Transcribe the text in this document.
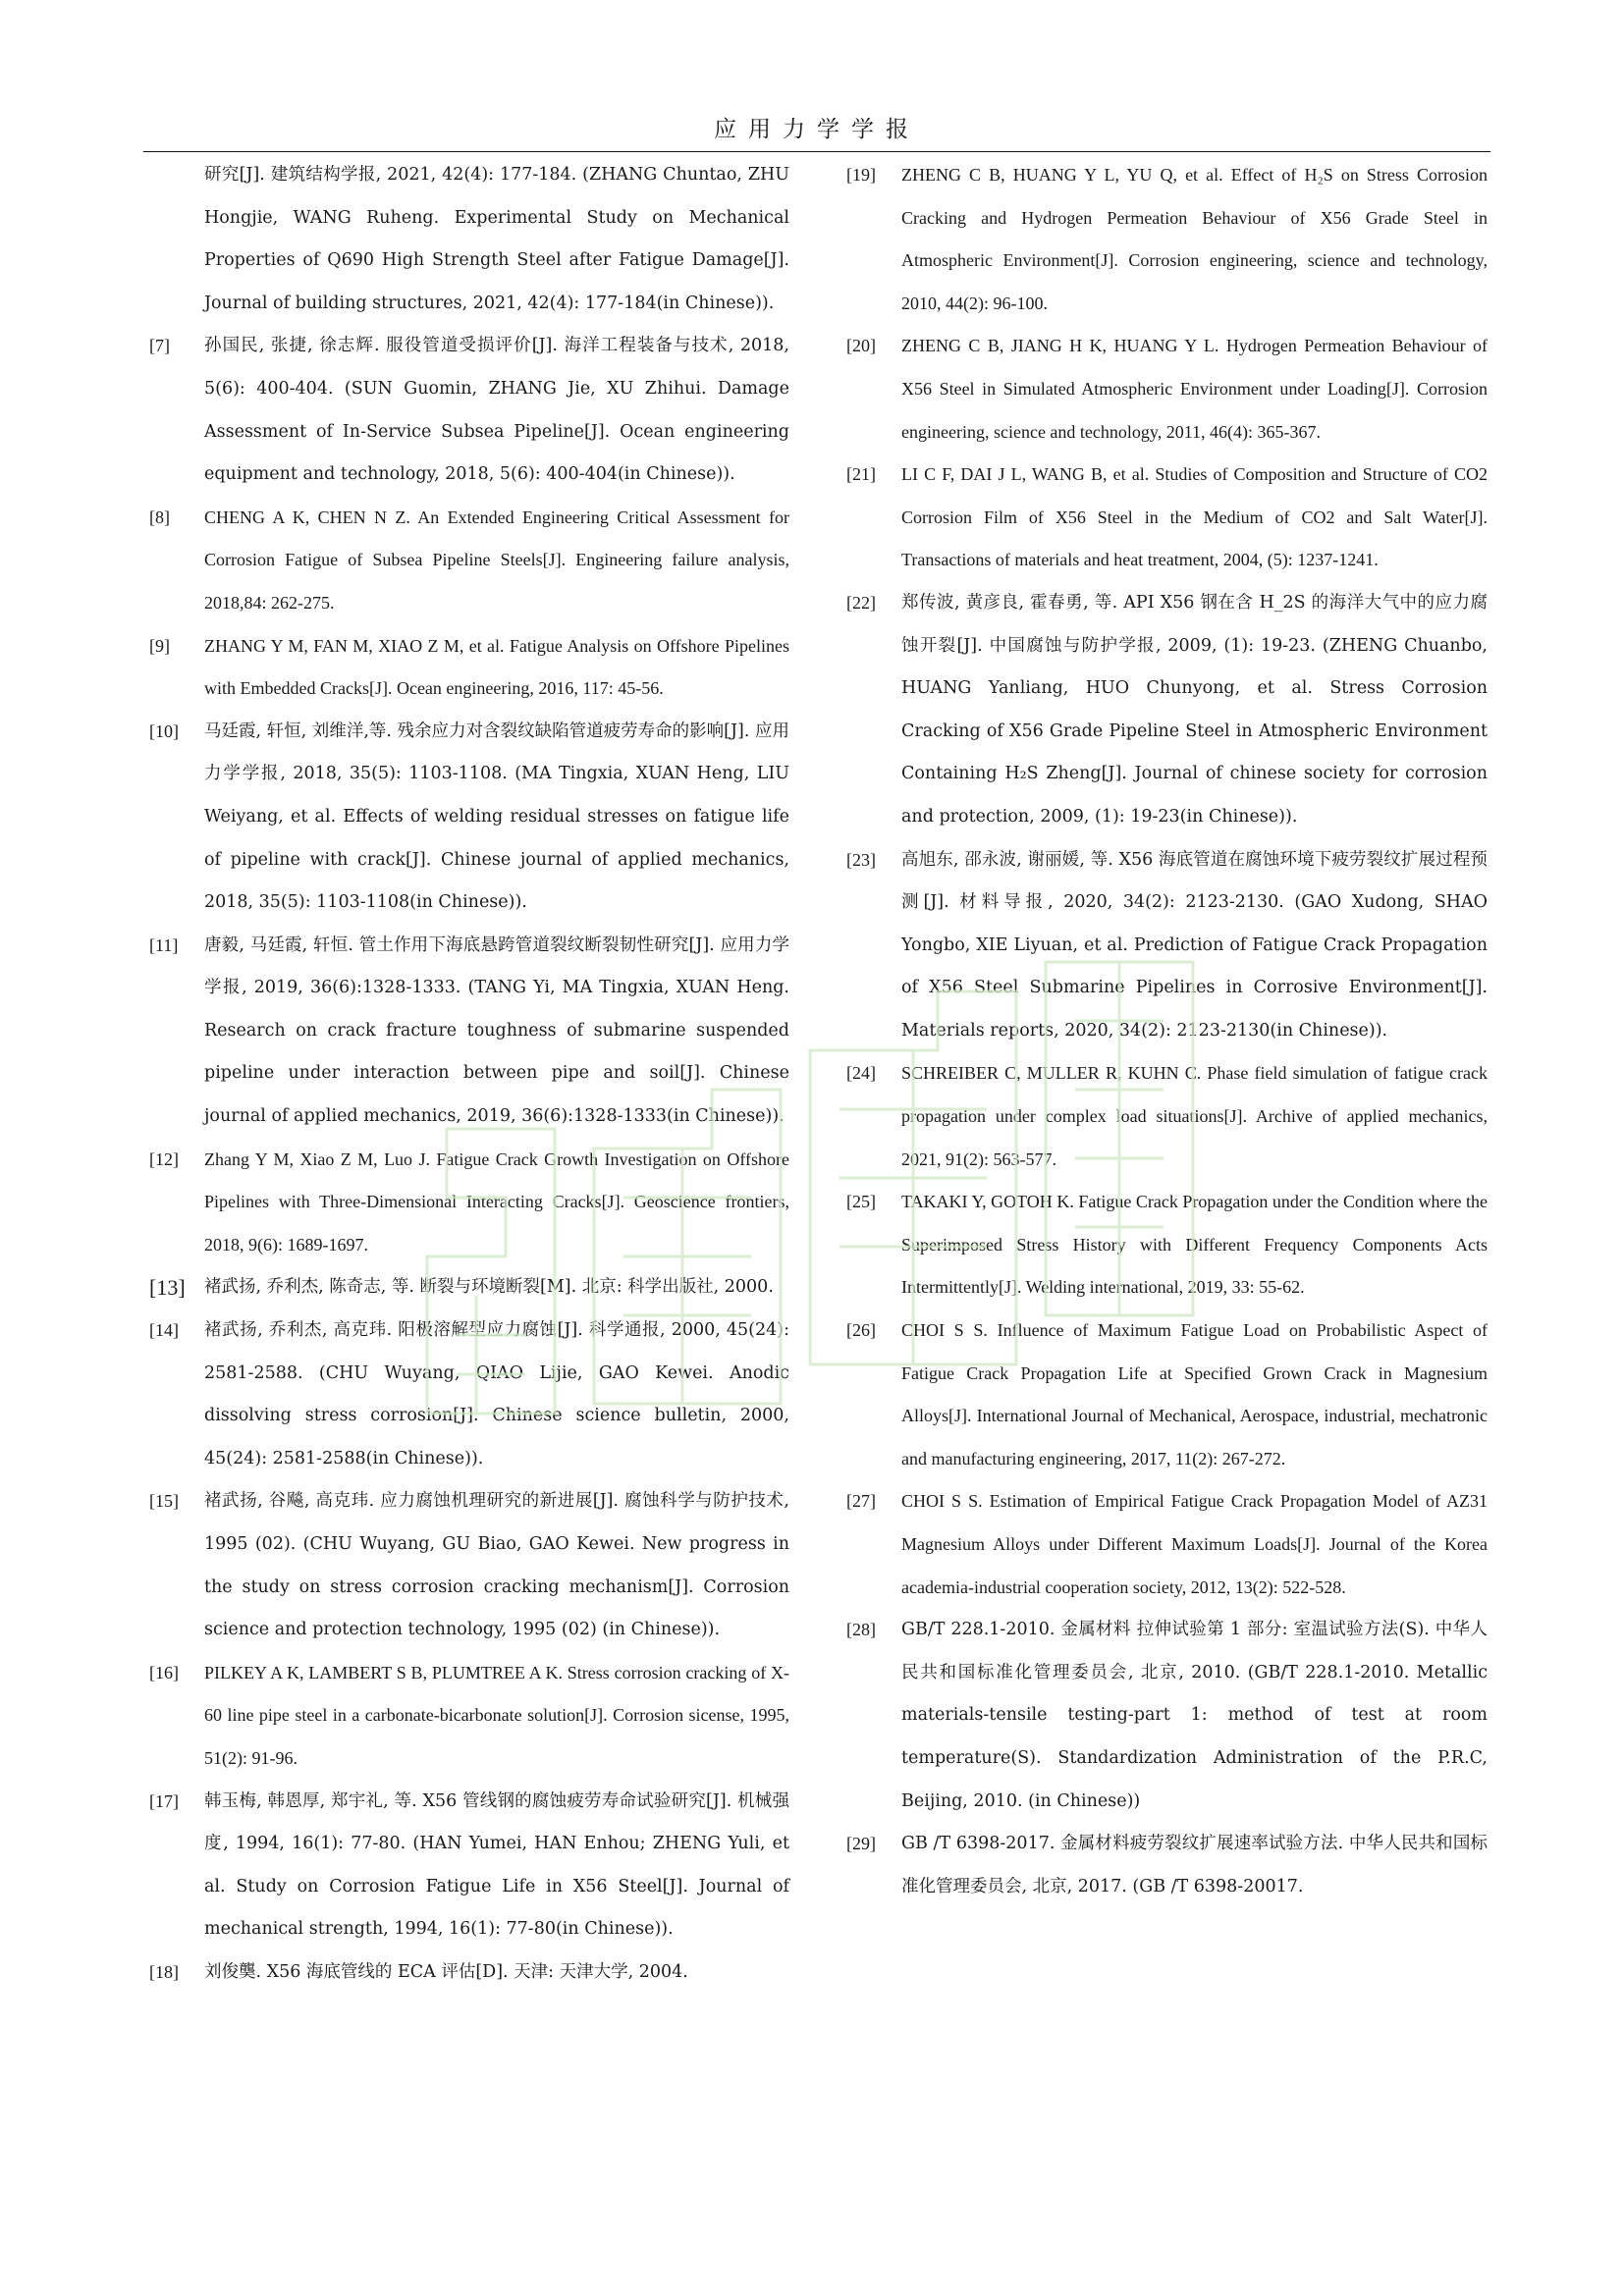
应用力学学报
研究[J]. 建筑结构学报, 2021, 42(4): 177-184. (ZHANG Chuntao, ZHU Hongjie, WANG Ruheng. Experimental Study on Mechanical Properties of Q690 High Strength Steel after Fatigue Damage[J]. Journal of building structures, 2021, 42(4): 177-184(in Chinese)).
[7]	孙国民, 张捷, 徐志辉. 服役管道受损评价[J]. 海洋工程装备与技术, 2018, 5(6): 400-404. (SUN Guomin, ZHANG Jie, XU Zhihui. Damage Assessment of In-Service Subsea Pipeline[J]. Ocean engineering equipment and technology, 2018, 5(6): 400-404(in Chinese)).
[8]	CHENG A K, CHEN N Z. An Extended Engineering Critical Assessment for Corrosion Fatigue of Subsea Pipeline Steels[J]. Engineering failure analysis, 2018,84: 262-275.
[9]	ZHANG Y M, FAN M, XIAO Z M, et al. Fatigue Analysis on Offshore Pipelines with Embedded Cracks[J]. Ocean engineering, 2016, 117: 45-56.
[10]	马廷霞, 轩恒, 刘维洋,等. 残余应力对含裂纹缺陷管道疲劳寿命的影响[J]. 应用力学学报, 2018, 35(5): 1103-1108. (MA Tingxia, XUAN Heng, LIU Weiyang, et al. Effects of welding residual stresses on fatigue life of pipeline with crack[J]. Chinese journal of applied mechanics, 2018, 35(5): 1103-1108(in Chinese)).
[11]	唐毅, 马廷霞, 轩恒. 管土作用下海底悬跨管道裂纹断裂韧性研究[J]. 应用力学学报, 2019, 36(6):1328-1333. (TANG Yi, MA Tingxia, XUAN Heng. Research on crack fracture toughness of submarine suspended pipeline under interaction between pipe and soil[J]. Chinese journal of applied mechanics, 2019, 36(6):1328-1333(in Chinese)).
[12]	Zhang Y M, Xiao Z M, Luo J. Fatigue Crack Growth Investigation on Offshore Pipelines with Three-Dimensional Interacting Cracks[J]. Geoscience frontiers, 2018, 9(6): 1689-1697.
[13]	褚武扬, 乔利杰, 陈奇志, 等. 断裂与环境断裂[M]. 北京: 科学出版社, 2000.
[14]	褚武扬, 乔利杰, 高克玮. 阳极溶解型应力腐蚀[J]. 科学通报, 2000, 45(24): 2581-2588. (CHU Wuyang, QIAO Lijie, GAO Kewei. Anodic dissolving stress corrosion[J]. Chinese science bulletin, 2000, 45(24): 2581-2588(in Chinese)).
[15]	褚武扬, 谷飚, 高克玮. 应力腐蚀机理研究的新进展[J]. 腐蚀科学与防护技术, 1995 (02). (CHU Wuyang, GU Biao, GAO Kewei. New progress in the study on stress corrosion cracking mechanism[J]. Corrosion science and protection technology, 1995 (02) (in Chinese)).
[16]	PILKEY A K, LAMBERT S B, PLUMTREE A K. Stress corrosion cracking of X-60 line pipe steel in a carbonate-bicarbonate solution[J]. Corrosion sicense, 1995, 51(2): 91-96.
[17]	韩玉梅, 韩恩厚, 郑宇礼, 等. X56 管线钢的腐蚀疲劳寿命试验研究[J]. 机械强度, 1994, 16(1): 77-80. (HAN Yumei, HAN Enhou; ZHENG Yuli, et al. Study on Corrosion Fatigue Life in X56 Steel[J]. Journal of mechanical strength, 1994, 16(1): 77-80(in Chinese)).
[18]	刘俊龑. X56 海底管线的 ECA 评估[D]. 天津: 天津大学, 2004.
[19]	ZHENG C B, HUANG Y L, YU Q, et al. Effect of H₂S on Stress Corrosion Cracking and Hydrogen Permeation Behaviour of X56 Grade Steel in Atmospheric Environment[J]. Corrosion engineering, science and technology, 2010, 44(2): 96-100.
[20]	ZHENG C B, JIANG H K, HUANG Y L. Hydrogen Permeation Behaviour of X56 Steel in Simulated Atmospheric Environment under Loading[J]. Corrosion engineering, science and technology, 2011, 46(4): 365-367.
[21]	LI C F, DAI J L, WANG B, et al. Studies of Composition and Structure of CO2 Corrosion Film of X56 Steel in the Medium of CO2 and Salt Water[J]. Transactions of materials and heat treatment, 2004, (5): 1237-1241.
[22]	郑传波, 黄彦良, 霍春勇, 等. API X56 钢在含 H_2S 的海洋大气中的应力腐蚀开裂[J]. 中国腐蚀与防护学报, 2009, (1): 19-23. (ZHENG Chuanbo, HUANG Yanliang, HUO Chunyong, et al. Stress Corrosion Cracking of X56 Grade Pipeline Steel in Atmospheric Environment Containing H₂S Zheng[J]. Journal of chinese society for corrosion and protection, 2009, (1): 19-23(in Chinese)).
[23]	高旭东, 邵永波, 谢丽媛, 等. X56 海底管道在腐蚀环境下疲劳裂纹扩展过程预测[J]. 材料导报, 2020, 34(2): 2123-2130. (GAO Xudong, SHAO Yongbo, XIE Liyuan, et al. Prediction of Fatigue Crack Propagation of X56 Steel Submarine Pipelines in Corrosive Environment[J]. Materials reports, 2020, 34(2): 2123-2130(in Chinese)).
[24]	SCHREIBER C, MULLER R, KUHN C. Phase field simulation of fatigue crack propagation under complex load situations[J]. Archive of applied mechanics, 2021, 91(2): 563-577.
[25]	TAKAKI Y, GOTOH K. Fatigue Crack Propagation under the Condition where the Superimposed Stress History with Different Frequency Components Acts Intermittently[J]. Welding international, 2019, 33: 55-62.
[26]	CHOI S S. Influence of Maximum Fatigue Load on Probabilistic Aspect of Fatigue Crack Propagation Life at Specified Grown Crack in Magnesium Alloys[J]. International Journal of Mechanical, Aerospace, industrial, mechatronic and manufacturing engineering, 2017, 11(2): 267-272.
[27]	CHOI S S. Estimation of Empirical Fatigue Crack Propagation Model of AZ31 Magnesium Alloys under Different Maximum Loads[J]. Journal of the Korea academia-industrial cooperation society, 2012, 13(2): 522-528.
[28]	GB/T 228.1-2010. 金属材料 拉伸试验第 1 部分: 室温试验方法(S). 中华人民共和国标准化管理委员会, 北京, 2010. (GB/T 228.1-2010. Metallic materials-tensile testing-part 1: method of test at room temperature(S). Standardization Administration of the P.R.C, Beijing, 2010. (in Chinese))
[29]	GB /T 6398-2017. 金属材料疲劳裂纹扩展速率试验方法. 中华人民共和国标准化管理委员会, 北京, 2017. (GB /T 6398-20017.
